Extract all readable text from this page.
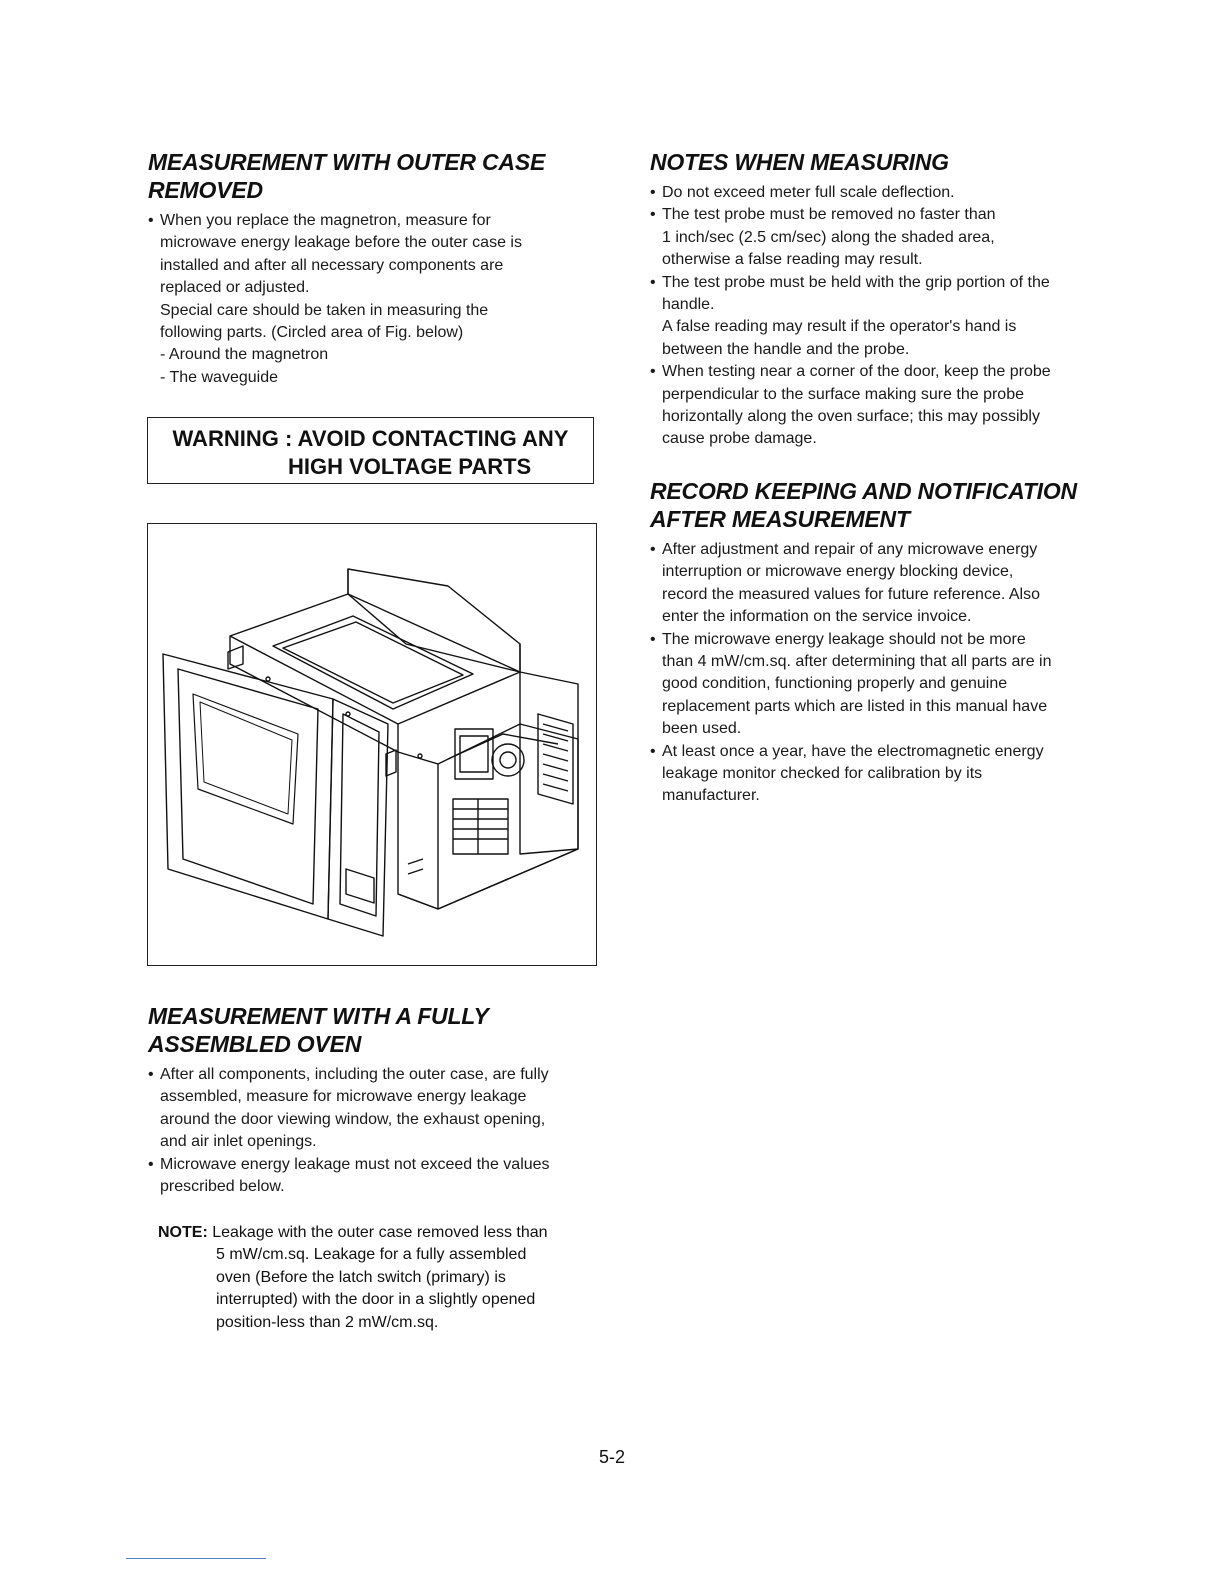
MEASUREMENT WITH OUTER CASE
REMOVED
• When you replace the magnetron, measure for
microwave energy leakage before the outer case is
installed and after all necessary components are
replaced or adjusted.
Special care should be taken in measuring the
following parts. (Circled area of Fig. below)
- Around the magnetron
- The waveguide
WARNING : AVOID CONTACTING ANY
HIGH VOLTAGE PARTS
MEASUREMENT WITH A FULLY
ASSEMBLED OVEN
• After all components, including the outer case, are fully
assembled, measure for microwave energy leakage
around the door viewing window, the exhaust opening,
and air inlet openings.
• Microwave energy leakage must not exceed the values
prescribed below.
NOTE: Leakage with the outer case removed less than
5 mW/cm.sq. Leakage for a fully assembled
oven (Before the latch switch (primary) is
interrupted) with the door in a slightly opened
position-less than 2 mW/cm.sq.
NOTES WHEN MEASURING
• Do not exceed meter full scale deflection.
• The test probe must be removed no faster than
1 inch/sec (2.5 cm/sec) along the shaded area,
otherwise a false reading may result.
• The test probe must be held with the grip portion of the
handle.
A false reading may result if the operator's hand is
between the handle and the probe.
• When testing near a corner of the door, keep the probe
perpendicular to the surface making sure the probe
horizontally along the oven surface; this may possibly
cause probe damage.
RECORD KEEPING AND NOTIFICATION
AFTER MEASUREMENT
• After adjustment and repair of any microwave energy
interruption or microwave energy blocking device,
record the measured values for future reference. Also
enter the information on the service invoice.
• The microwave energy leakage should not be more
than 4 mW/cm.sq. after determining that all parts are in
good condition, functioning properly and genuine
replacement parts which are listed in this manual have
been used.
• At least once a year, have the electromagnetic energy
leakage monitor checked for calibration by its
manufacturer.
5-2
